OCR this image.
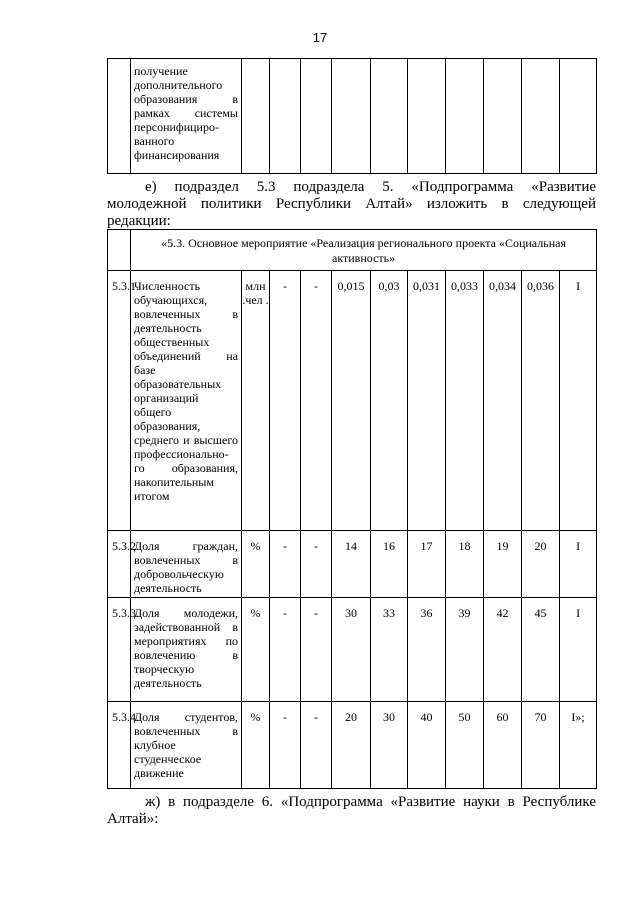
17

получение дополнительного образования в рамках системы персонифициро-ванного финансирования

е) подраздел 5.3 подраздела 5. «Подпрограмма «Развитие
молодежной политики Республики Алтай» изложить в следующей
редакции:

	«5.3. Основное мероприятие «Реализация регионального проекта «Социальная активность»										

5.3.1.	Численность обучающихся, вовлеченных в деятельность общественных объединений на базе образовательных организаций общего образования, среднего и высшего профессионально-го образования, накопительным итогом	млн .чел .	-	-	0,015	0,03	0,031	0,033	0,034	0,036	I
5.3.2.	Доля граждан, вовлеченных в добровольческую деятельность	%	-	-	14	16	17	18	19	20	I
5.3.3.	Доля молодежи, задействованной в мероприятиях по вовлечению в творческую деятельность	%	-	-	30	33	36	39	42	45	I
5.3.4.	Доля студентов, вовлеченных в клубное студенческое движение	%	-	-	20	30	40	50	60	70	I»;
ж) в подразделе 6. «Подпрограмма «Развитие науки в Республике
Алтай»:
